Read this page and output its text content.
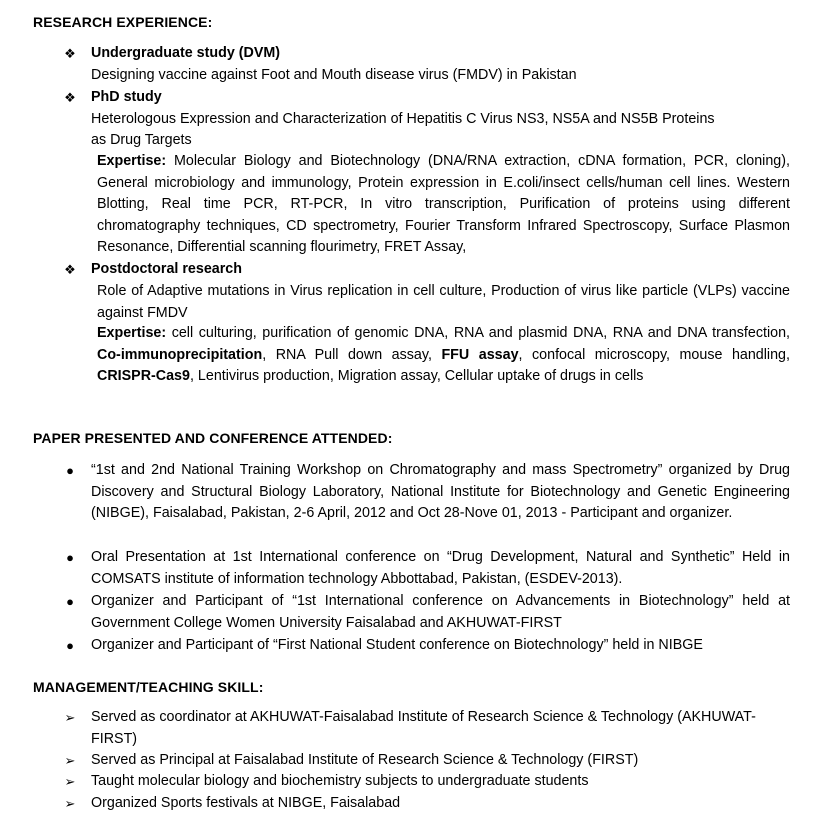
RESEARCH EXPERIENCE:
❖ Undergraduate study (DVM)
Designing vaccine against Foot and Mouth disease virus (FMDV) in Pakistan
❖ PhD study
Heterologous Expression and Characterization of Hepatitis C Virus NS3, NS5A and NS5B Proteins
as Drug Targets
Expertise: Molecular Biology and Biotechnology (DNA/RNA extraction, cDNA formation, PCR, cloning), General microbiology and immunology, Protein expression in E.coli/insect cells/human cell lines. Western Blotting, Real time PCR, RT-PCR, In vitro transcription, Purification of proteins using different chromatography techniques, CD spectrometry, Fourier Transform Infrared Spectroscopy, Surface Plasmon Resonance, Differential scanning flourimetry, FRET Assay,
❖ Postdoctoral research
Role of Adaptive mutations in Virus replication in cell culture, Production of virus like particle (VLPs) vaccine against FMDV
Expertise: cell culturing, purification of genomic DNA, RNA and plasmid DNA, RNA and DNA transfection, Co-immunoprecipitation, RNA Pull down assay, FFU assay, confocal microscopy, mouse handling, CRISPR-Cas9, Lentivirus production, Migration assay, Cellular uptake of drugs in cells
PAPER PRESENTED AND CONFERENCE ATTENDED:
●	“1st and 2nd National Training Workshop on Chromatography and mass Spectrometry” organized by Drug Discovery and Structural Biology Laboratory, National Institute for Biotechnology and Genetic Engineering (NIBGE), Faisalabad, Pakistan, 2-6 April, 2012 and Oct 28-Nove 01, 2013 - Participant and organizer.
●	Oral Presentation at 1st International conference on “Drug Development, Natural and Synthetic” Held in COMSATS institute of information technology Abbottabad, Pakistan, (ESDEV-2013).
●	Organizer and Participant of “1st International conference on Advancements in Biotechnology” held at Government College Women University Faisalabad and AKHUWAT-FIRST
●	Organizer and Participant of “First National Student conference on Biotechnology” held in NIBGE
MANAGEMENT/TEACHING SKILL:
➢	Served as coordinator at AKHUWAT-Faisalabad Institute of Research Science & Technology (AKHUWAT-FIRST)
➢	Served as Principal at Faisalabad Institute of Research Science & Technology (FIRST)
➢	Taught molecular biology and biochemistry subjects to undergraduate students
➢	Organized Sports festivals at NIBGE, Faisalabad
